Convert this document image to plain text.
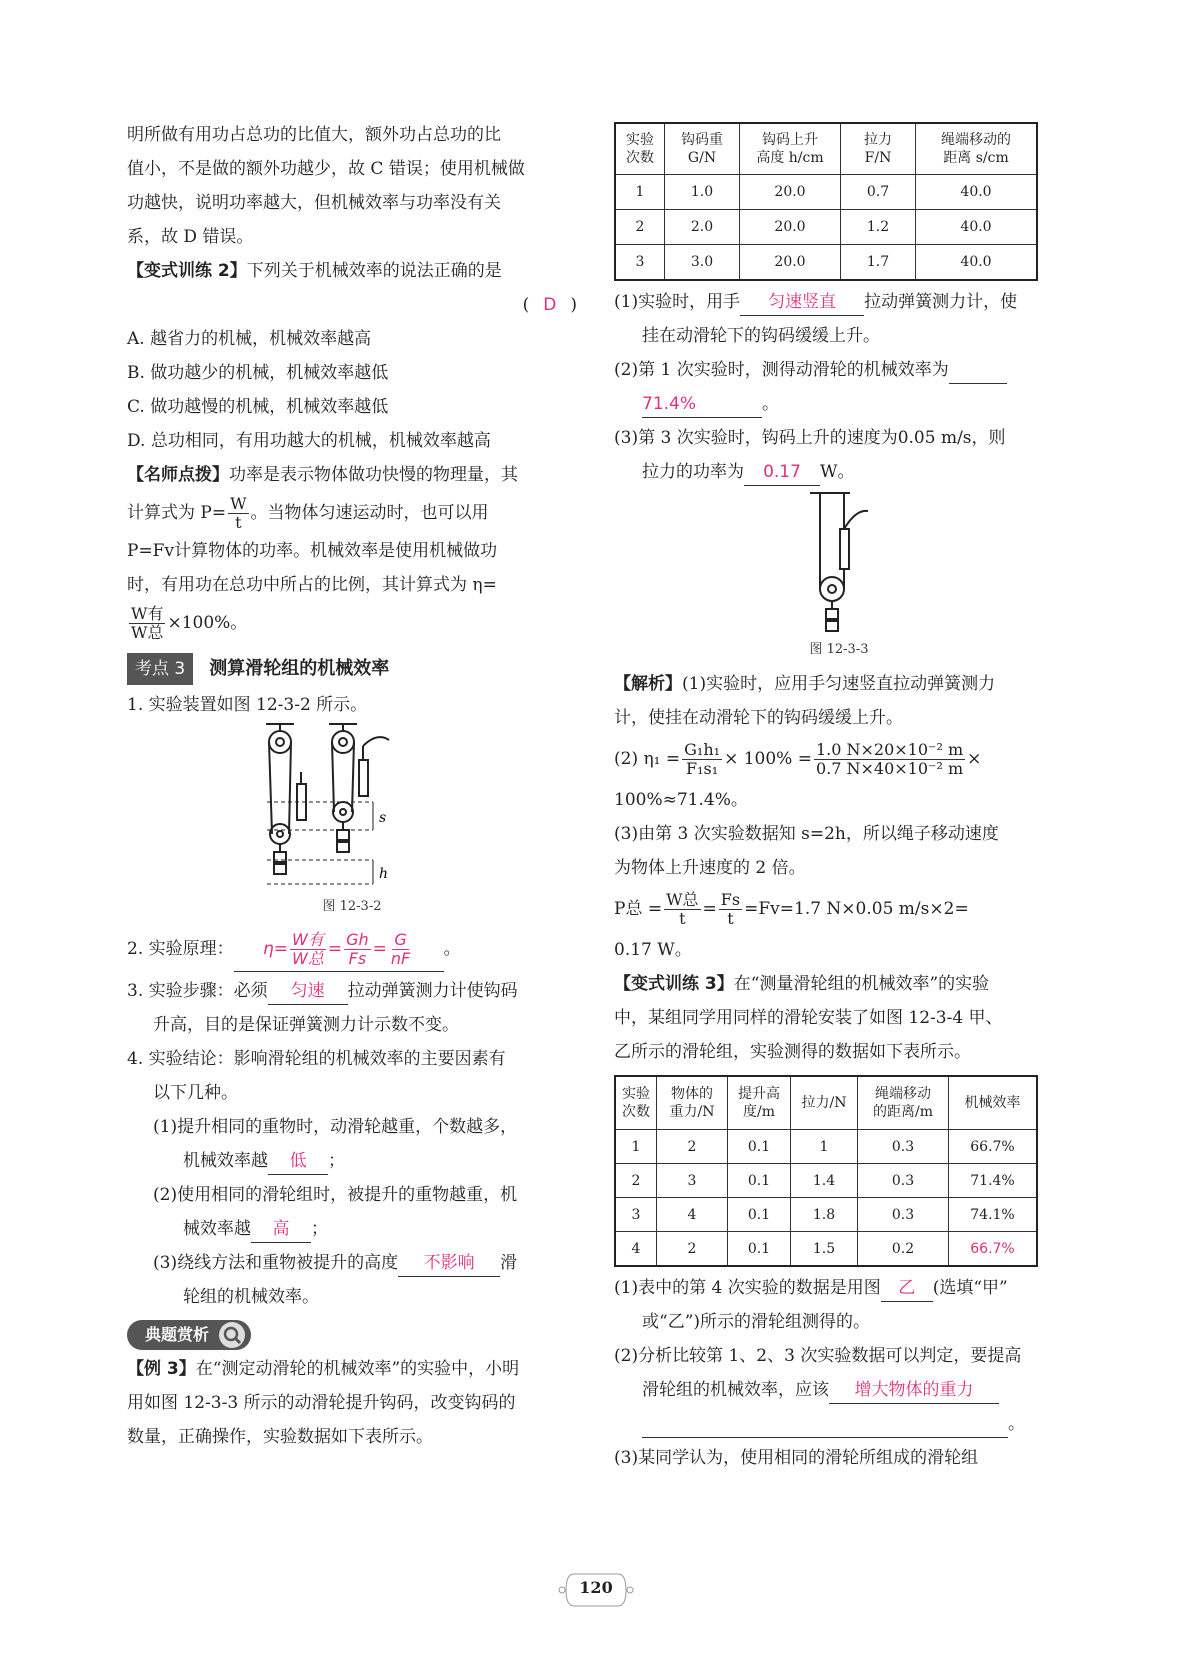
明所做有用功占总功的比值大，额外功占总功的比

值小，不是做的额外功越少，故 C 错误；使用机械做

功越快，说明功率越大，但机械效率与功率没有关

系，故 D 错误。

【变式训练 2】下列关于机械效率的说法正确的是

( D )

A. 越省力的机械，机械效率越高

B. 做功越少的机械，机械效率越低

C. 做功越慢的机械，机械效率越低

D. 总功相同，有用功越大的机械，机械效率越高

【名师点拨】功率是表示物体做功快慢的物理量，其

计算式为 $P= \frac{W}{t}$ 。当物体匀速运动时，也可以用

P=Fv计算物体的功率。机械效率是使用机械做功

时，有用功在总功中所占的比例，其计算式为 η=

$\frac{\text{W有}}{\text{W总}} \times 100\%$。

考点 3	测算滑轮组的机械效率

1. 实验装置如图 12-3-2 所示。

s
h
图 12-3-2

2. 实验原理： $\eta= \frac{\text{W有}}{\text{W总}} = \frac{Gh}{Fs} = \frac{G}{nF}$ 。

3. 实验步骤：必须 匀速 拉动弹簧测力计使钩码

升高，目的是保证弹簧测力计示数不变。

4. 实验结论：影响滑轮组的机械效率的主要因素有

以下几种。

(1)提升相同的重物时，动滑轮越重，个数越多，

机械效率越 低 ；

(2)使用相同的滑轮组时，被提升的重物越重，机

械效率越 高 ；

(3)绕线方法和重物被提升的高度 不影响 滑

轮组的机械效率。

典题赏析

【例 3】在“测定动滑轮的机械效率”的实验中，小明

用如图 12-3-3 所示的动滑轮提升钩码，改变钩码的

数量，正确操作，实验数据如下表所示。

实验
次数	钩码重
G/N	钩码上升
高度 h/cm	拉力
F/N	绳端移动的
距离 s/cm
1	1.0	20.0	0.7	40.0
2	2.0	20.0	1.2	40.0
3	3.0	20.0	1.7	40.0

(1)实验时，用手 匀速竖直 拉动弹簧测力计，使

挂在动滑轮下的钩码缓缓上升。

(2)第 1 次实验时，测得动滑轮的机械效率为

71.4%	。

(3)第 3 次实验时，钩码上升的速度为0.05 m/s，则

拉力的功率为 0.17 W。

图 12-3-3

【解析】(1)实验时，应用手匀速竖直拉动弹簧测力

计，使挂在动滑轮下的钩码缓缓上升。

(2) $\eta_1 = \frac{\text{G₁h₁}}{\text{F₁s₁}} \times 100\% = \frac{\text{1.0 N×20×10⁻² m}}{\text{0.7 N×40×10⁻² m}}$ ×

100%≈71.4%。

(3)由第 3 次实验数据知 s=2h，所以绳子移动速度

为物体上升速度的 2 倍。

P总 = $\frac{\text{W总}}{t} = \frac{Fs}{t} =Fv=1.7$ N×0.05 m/s×2=

0.17 W。

【变式训练 3】在“测量滑轮组的机械效率”的实验

中，某组同学用同样的滑轮安装了如图 12-3-4 甲、

乙所示的滑轮组，实验测得的数据如下表所示。

实验
次数	物体的
重力/N	提升高
度/m	拉力/N	绳端移动
的距离/m	机械效率
1	2	0.1	1	0.3	66.7%
2	3	0.1	1.4	0.3	71.4%
3	4	0.1	1.8	0.3	74.1%
4	2	0.1	1.5	0.2	66.7%

(1)表中的第 4 次实验的数据是用图 乙 (选填“甲”

或“乙”)所示的滑轮组测得的。

(2)分析比较第 1、2、3 次实验数据可以判定，要提高

滑轮组的机械效率，应该 增大物体的重力

。

(3)某同学认为，使用相同的滑轮所组成的滑轮组

120
